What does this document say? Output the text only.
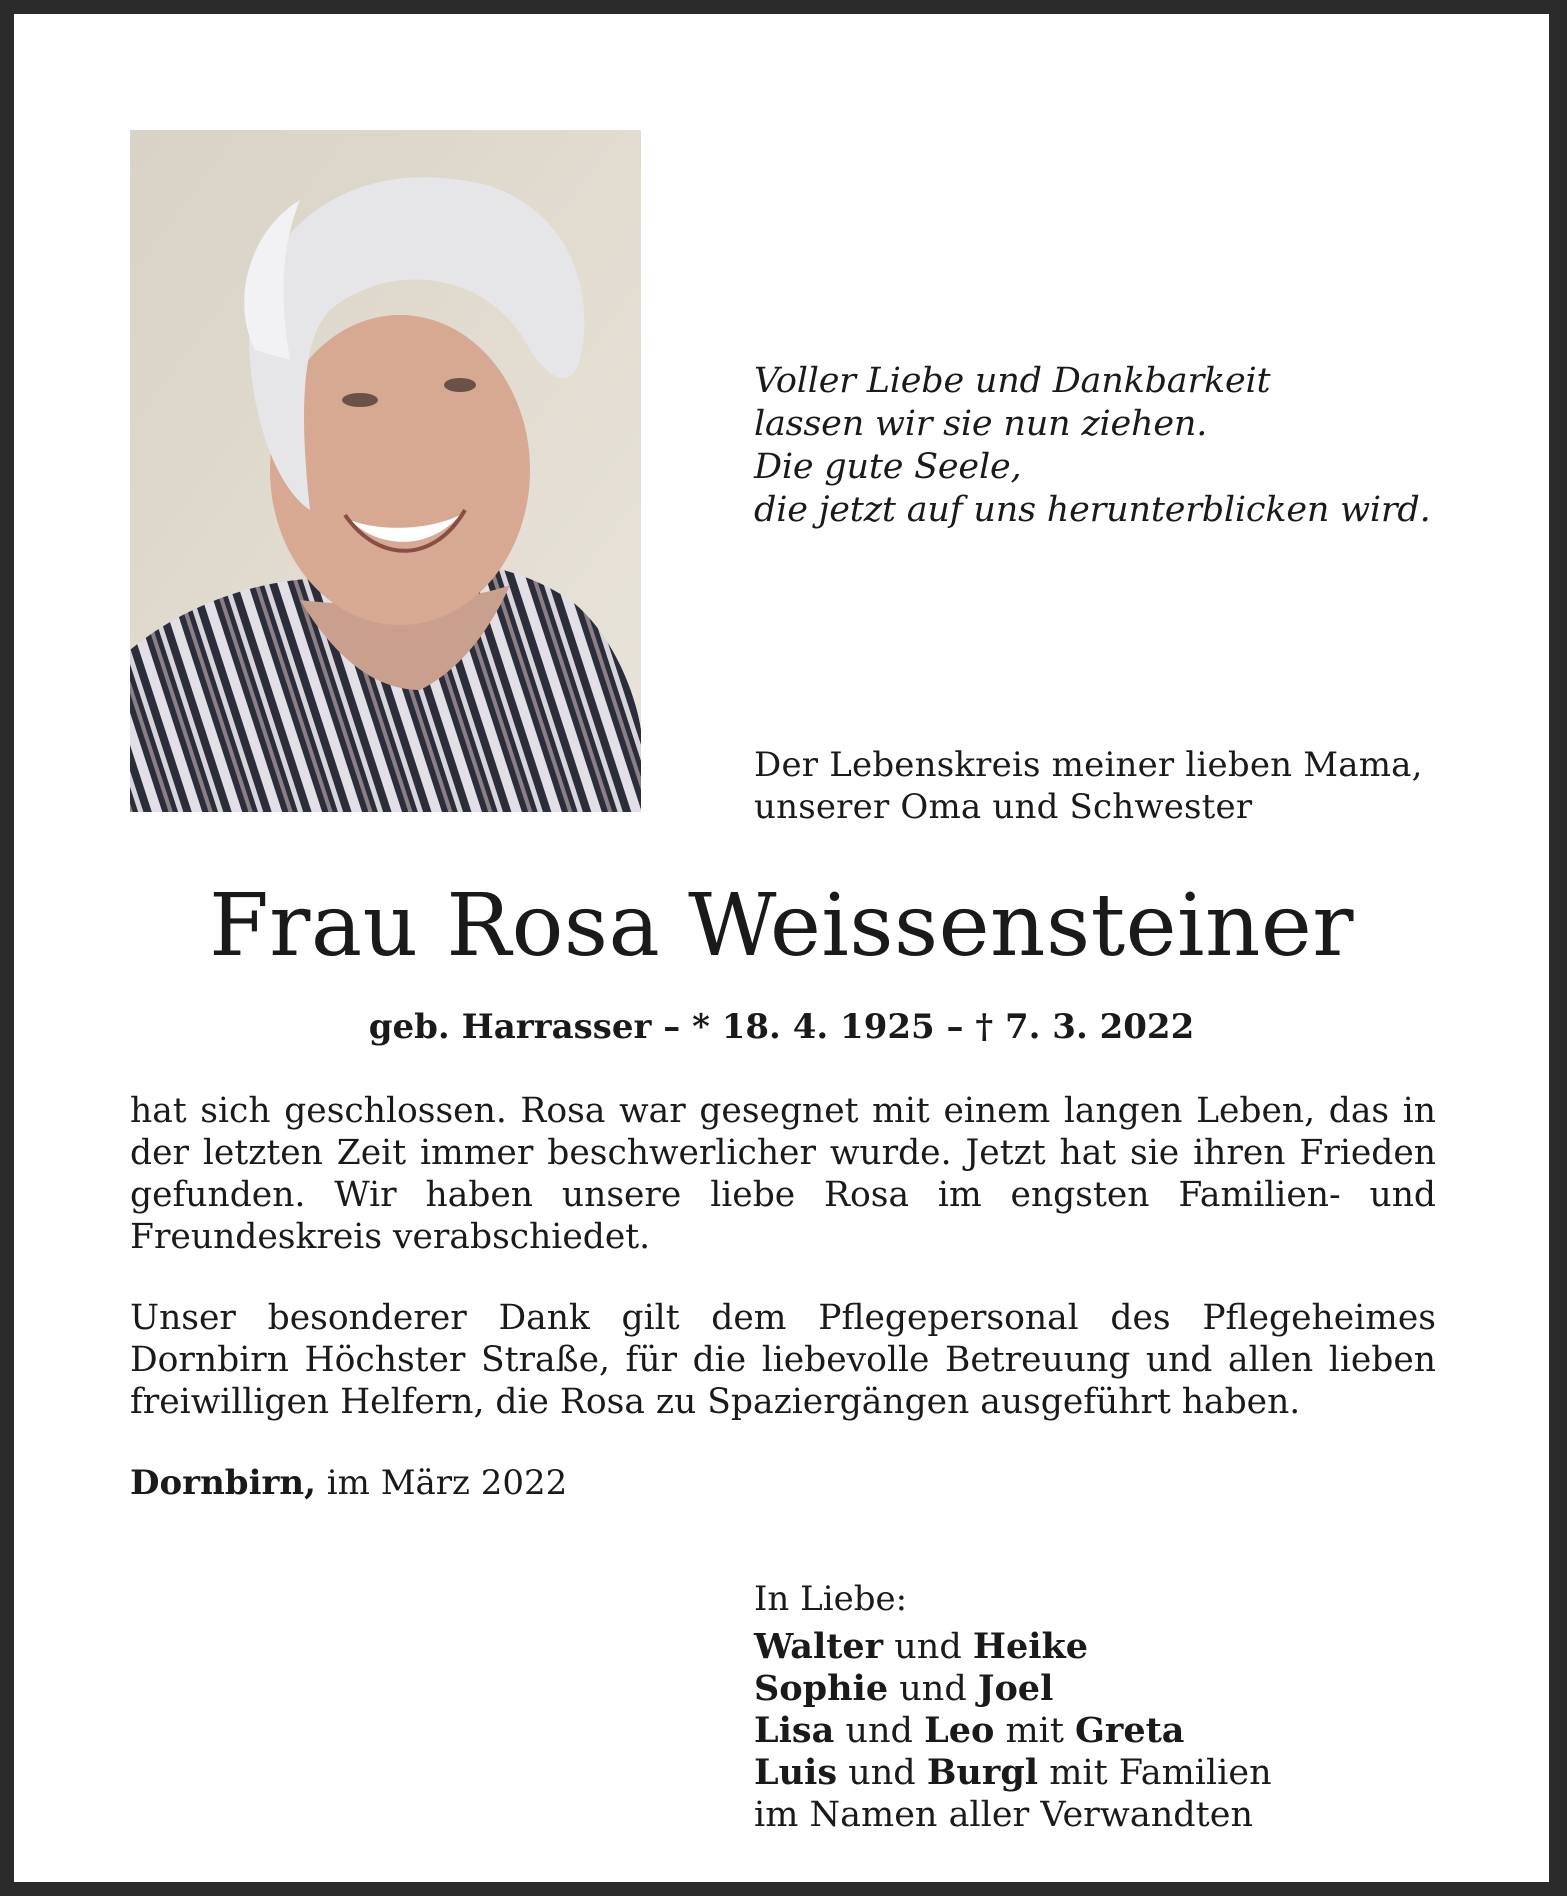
Voller Liebe und Dankbarkeit
lassen wir sie nun ziehen.
Die gute Seele,
die jetzt auf uns herunterblicken wird.
Der Lebenskreis meiner lieben Mama,
unserer Oma und Schwester
Frau Rosa Weissensteiner
geb. Harrasser – * 18. 4. 1925 – † 7. 3. 2022
hat sich geschlossen. Rosa war gesegnet mit einem langen Leben, das in der letzten Zeit immer beschwerlicher wurde. Jetzt hat sie ihren Frieden gefunden. Wir haben unsere liebe Rosa im engsten Familien- und Freundeskreis verabschiedet.
Unser besonderer Dank gilt dem Pflegepersonal des Pflegeheimes Dornbirn Höchster Straße, für die liebevolle Betreuung und allen lieben freiwilligen Helfern, die Rosa zu Spaziergängen ausgeführt haben.
Dornbirn, im März 2022
In Liebe:
Walter und Heike
Sophie und Joel
Lisa und Leo mit Greta
Luis und Burgl mit Familien
im Namen aller Verwandten
